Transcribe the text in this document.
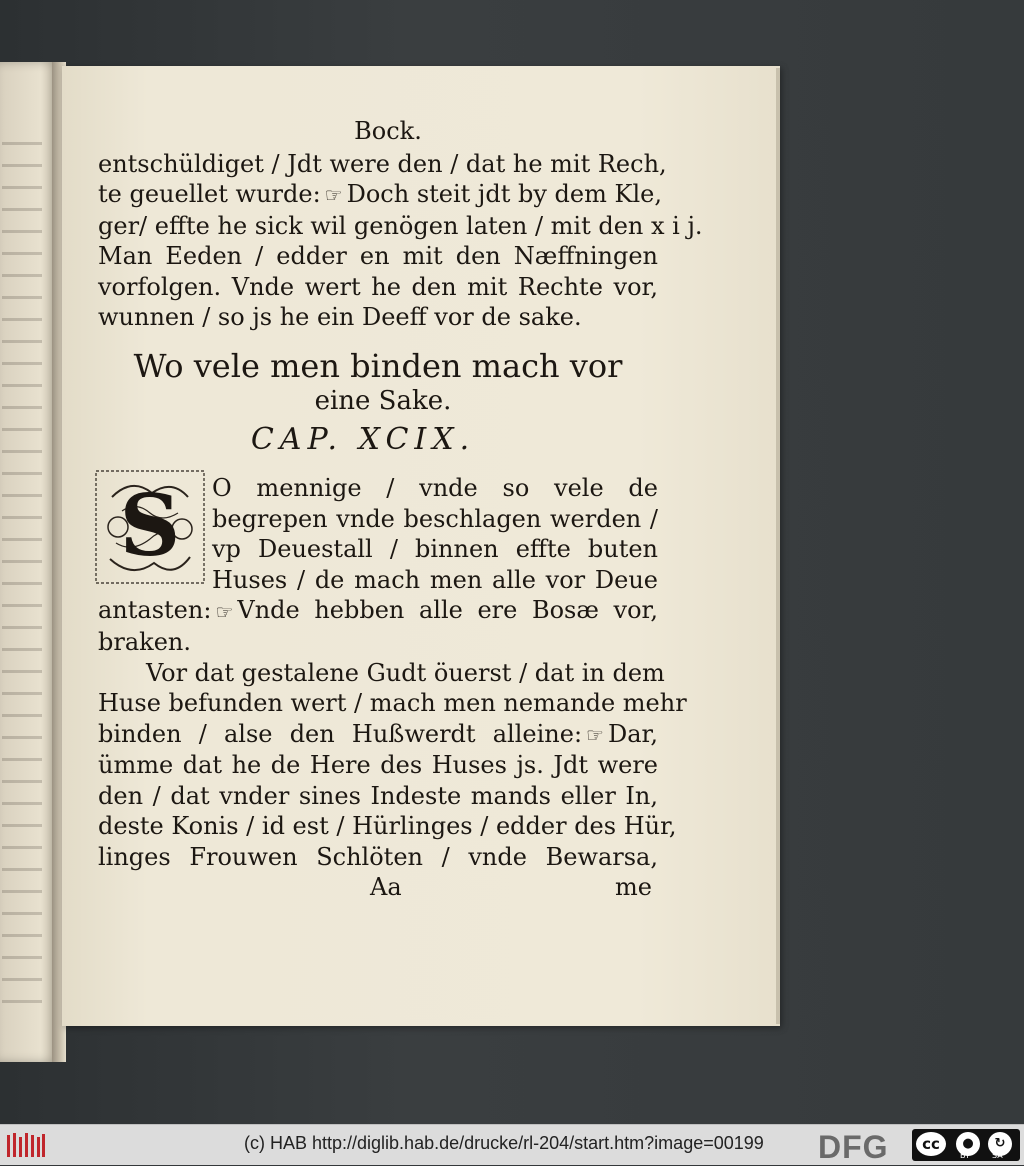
Bock.
entschüldiget / Jdt were den / dat he mit Rech,
te geuellet wurde: ☞ Doch steit jdt by dem Kle,
ger/ effte he sick wil genögen laten / mit den x i j.
Man Eeden / edder en mit den Næffningen
vorfolgen. Vnde wert he den mit Rechte vor,
wunnen / so js he ein Deeff vor de sake.
Wo vele men binden mach vor
eine Sake.
CAP. XCIX.
S	O mennige / vnde so vele de
begrepen vnde beschlagen werden /
vp Deuestall / binnen effte buten
Huses / de mach men alle vor Deue
antasten: ☞ Vnde hebben alle ere Bosæ vor,
braken.
Vor dat gestalene Gudt öuerst / dat in dem
Huse befunden wert / mach men nemande mehr
binden / alse den Hußwerdt alleine: ☞ Dar,
ümme dat he de Here des Huses js. Jdt were
den / dat vnder sines Indeste mands eller In,
deste Konis / id est / Hürlinges / edder des Hür,
linges Frouwen Schlöten / vnde Bewarsa,
Aa	me
(c) HAB http://diglib.hab.de/drucke/rl-204/start.htm?image=00199 DFG	cc	●	↻
BY	SA
